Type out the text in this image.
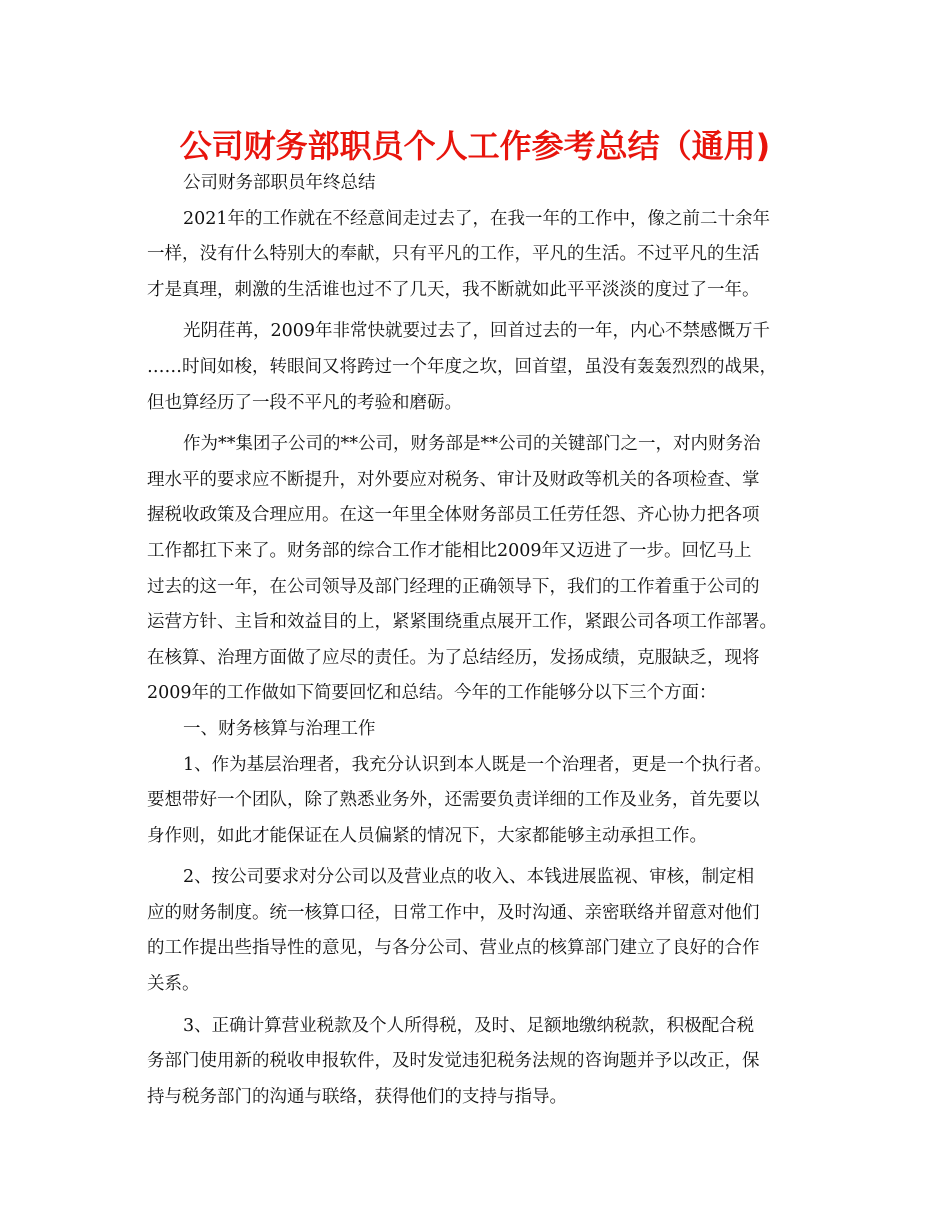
公司财务部职员个人工作参考总结（通用)
公司财务部职员年终总结
2021年的工作就在不经意间走过去了，在我一年的工作中，像之前二十余年
一样，没有什么特别大的奉献，只有平凡的工作，平凡的生活。不过平凡的生活
才是真理，刺激的生活谁也过不了几天，我不断就如此平平淡淡的度过了一年。
光阴荏苒，2009年非常快就要过去了，回首过去的一年，内心不禁感慨万千
……时间如梭，转眼间又将跨过一个年度之坎，回首望，虽没有轰轰烈烈的战果，
但也算经历了一段不平凡的考验和磨砺。
作为**集团子公司的**公司，财务部是**公司的关键部门之一，对内财务治
理水平的要求应不断提升，对外要应对税务、审计及财政等机关的各项检查、掌
握税收政策及合理应用。在这一年里全体财务部员工任劳任怨、齐心协力把各项
工作都扛下来了。财务部的综合工作才能相比2009年又迈进了一步。回忆马上
过去的这一年，在公司领导及部门经理的正确领导下，我们的工作着重于公司的
运营方针、主旨和效益目的上，紧紧围绕重点展开工作，紧跟公司各项工作部署。
在核算、治理方面做了应尽的责任。为了总结经历，发扬成绩，克服缺乏，现将
2009年的工作做如下简要回忆和总结。今年的工作能够分以下三个方面：
一、财务核算与治理工作
1、作为基层治理者，我充分认识到本人既是一个治理者，更是一个执行者。
要想带好一个团队，除了熟悉业务外，还需要负责详细的工作及业务，首先要以
身作则，如此才能保证在人员偏紧的情况下，大家都能够主动承担工作。
2、按公司要求对分公司以及营业点的收入、本钱进展监视、审核，制定相
应的财务制度。统一核算口径，日常工作中，及时沟通、亲密联络并留意对他们
的工作提出些指导性的意见，与各分公司、营业点的核算部门建立了良好的合作
关系。
3、正确计算营业税款及个人所得税，及时、足额地缴纳税款，积极配合税
务部门使用新的税收申报软件，及时发觉违犯税务法规的咨询题并予以改正，保
持与税务部门的沟通与联络，获得他们的支持与指导。
